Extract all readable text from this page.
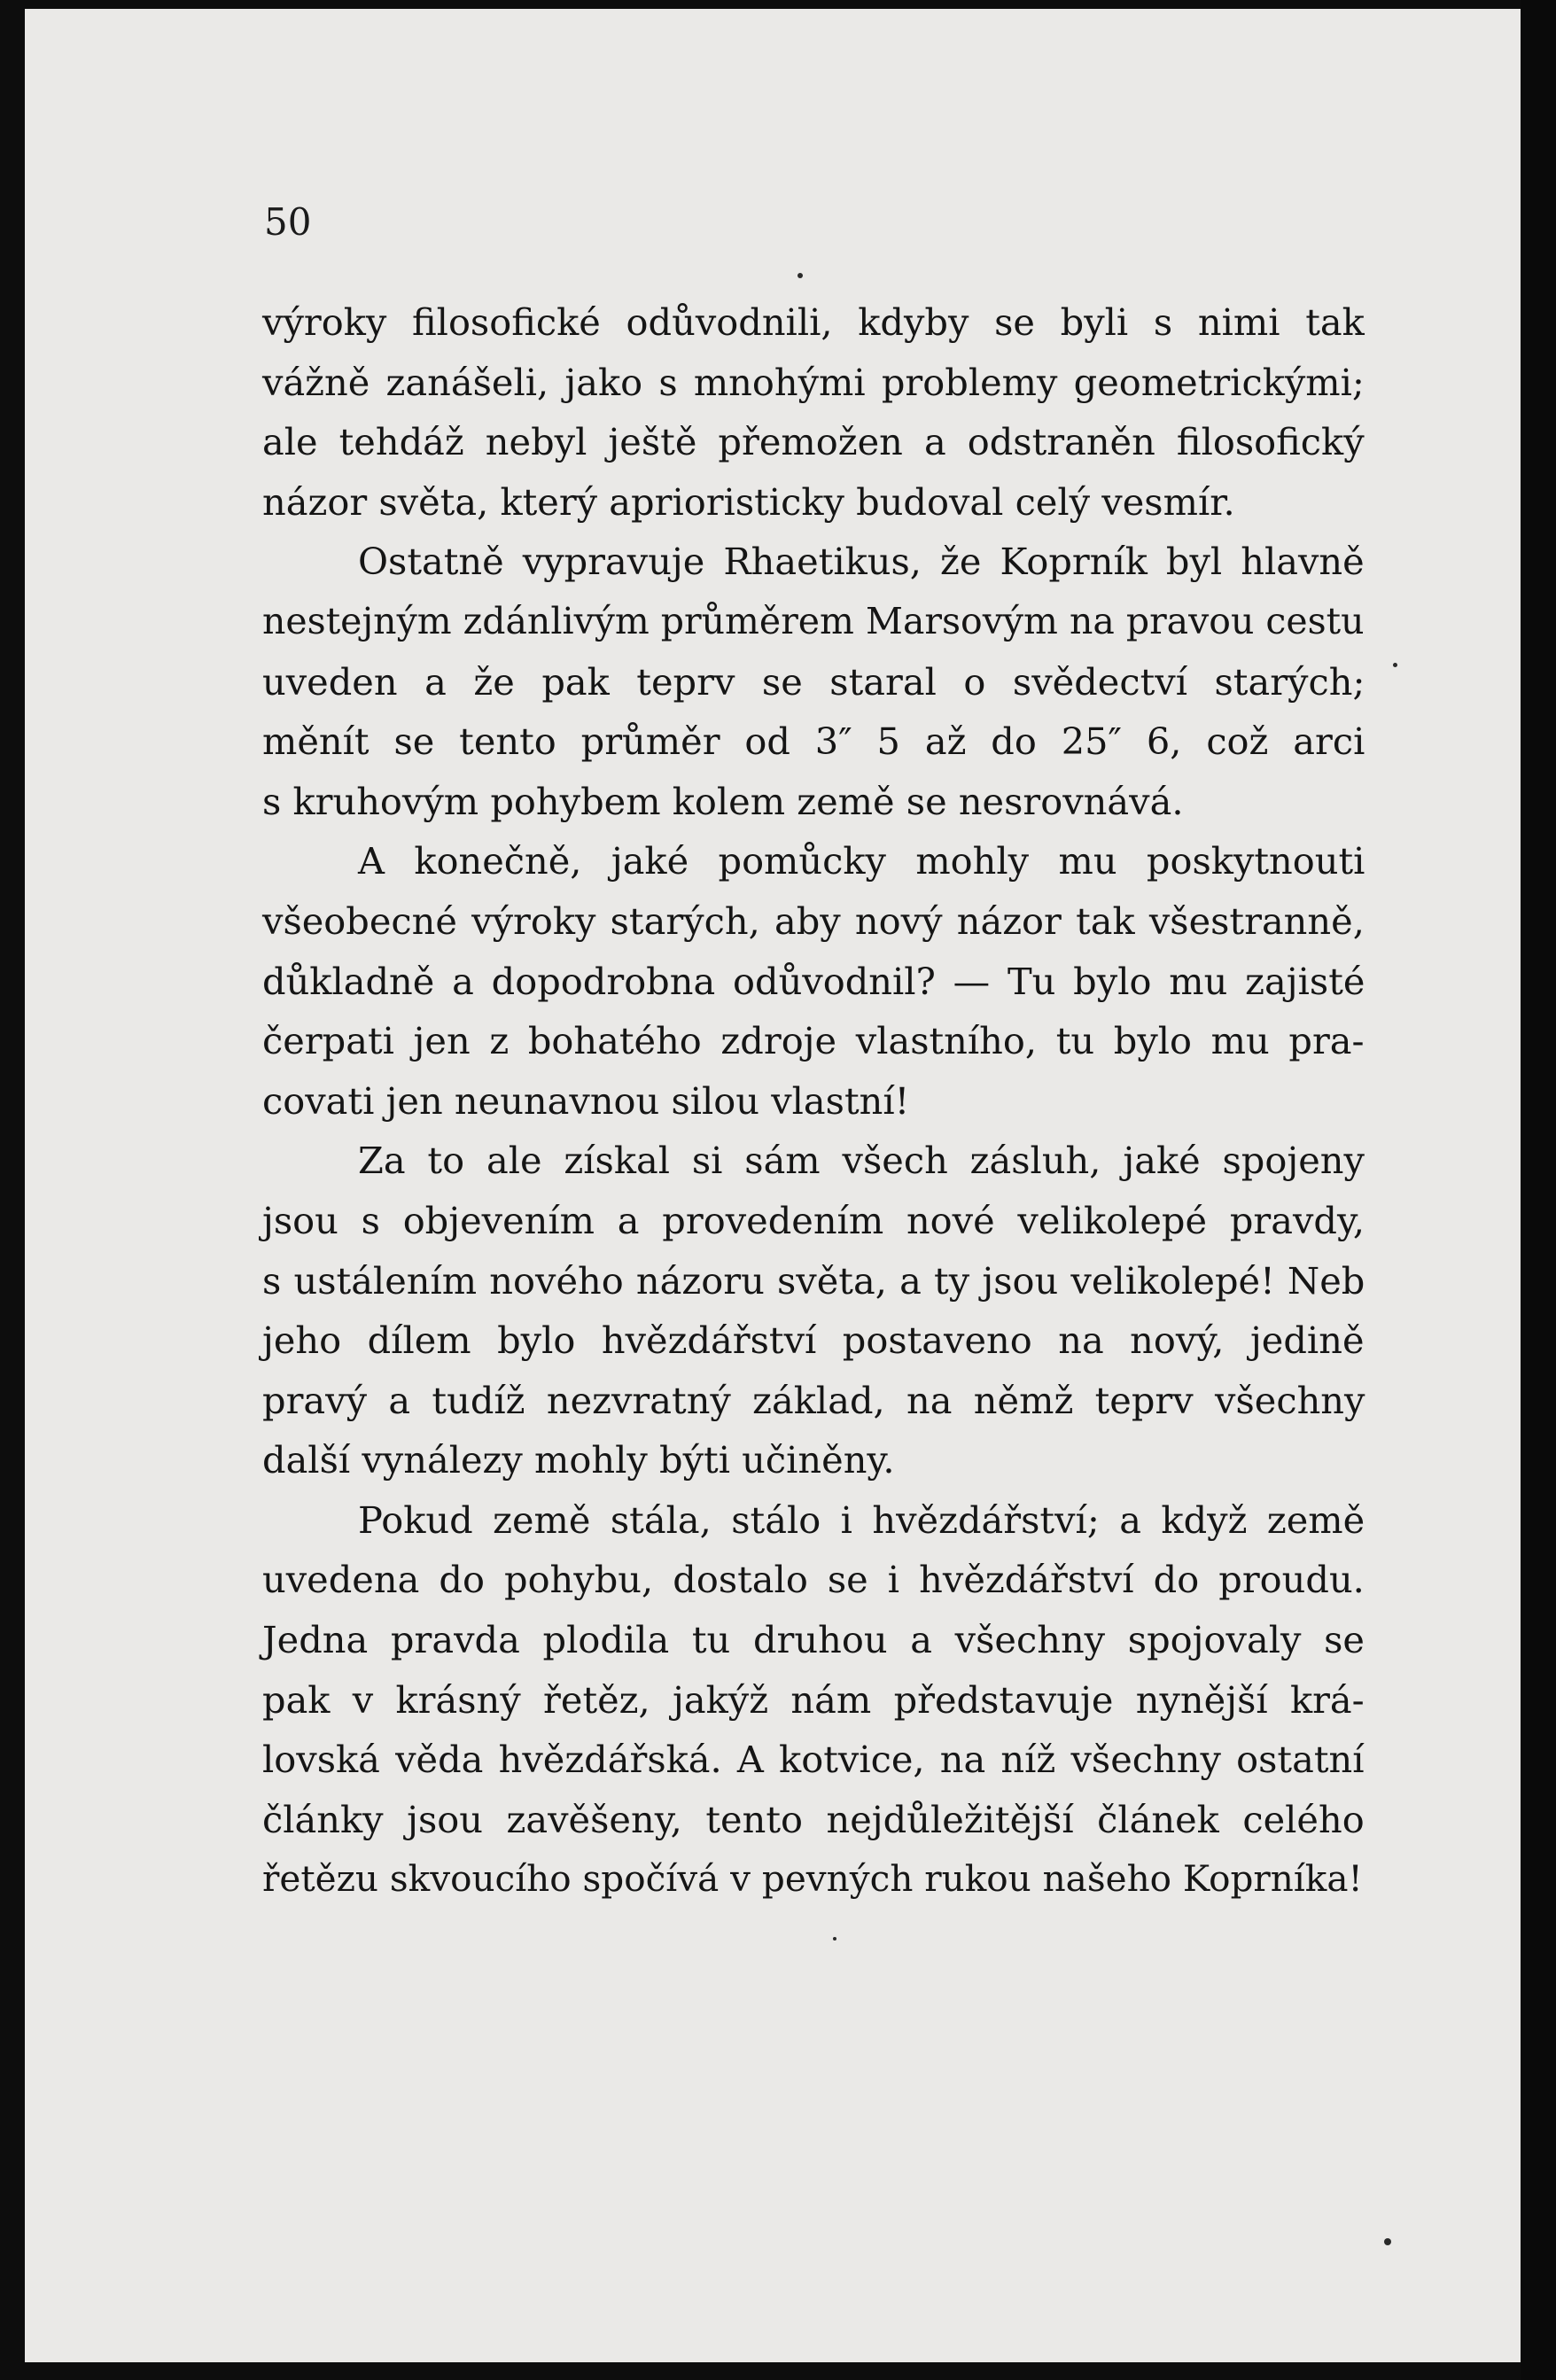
50
výroky filosofické odůvodnili, kdyby se byli s nimi tak
vážně zanášeli, jako s mnohými problemy geometrickými;
ale tehdáž nebyl ještě přemožen a odstraněn filosofický
názor světa, který aprioristicky budoval celý vesmír.
Ostatně vypravuje Rhaetikus, že Koprník byl hlavně
nestejným zdánlivým průměrem Marsovým na pravou cestu
uveden a že pak teprv se staral o svědectví starých;
měnít se tento průměr od 3″ 5 až do 25″ 6, což arci
s kruhovým pohybem kolem země se nesrovnává.
A konečně, jaké pomůcky mohly mu poskytnouti
všeobecné výroky starých, aby nový názor tak všestranně,
důkladně a dopodrobna odůvodnil? — Tu bylo mu zajisté
čerpati jen z bohatého zdroje vlastního, tu bylo mu pra-
covati jen neunavnou silou vlastní!
Za to ale získal si sám všech zásluh, jaké spojeny
jsou s objevením a provedením nové velikolepé pravdy,
s ustálením nového názoru světa, a ty jsou velikolepé! Neb
jeho dílem bylo hvězdářství postaveno na nový, jedině
pravý a tudíž nezvratný základ, na němž teprv všechny
další vynálezy mohly býti učiněny.
Pokud země stála, stálo i hvězdářství; a když země
uvedena do pohybu, dostalo se i hvězdářství do proudu.
Jedna pravda plodila tu druhou a všechny spojovaly se
pak v krásný řetěz, jakýž nám představuje nynější krá-
lovská věda hvězdářská. A kotvice, na níž všechny ostatní
články jsou zavěšeny, tento nejdůležitější článek celého
řetězu skvoucího spočívá v pevných rukou našeho Koprníka!
